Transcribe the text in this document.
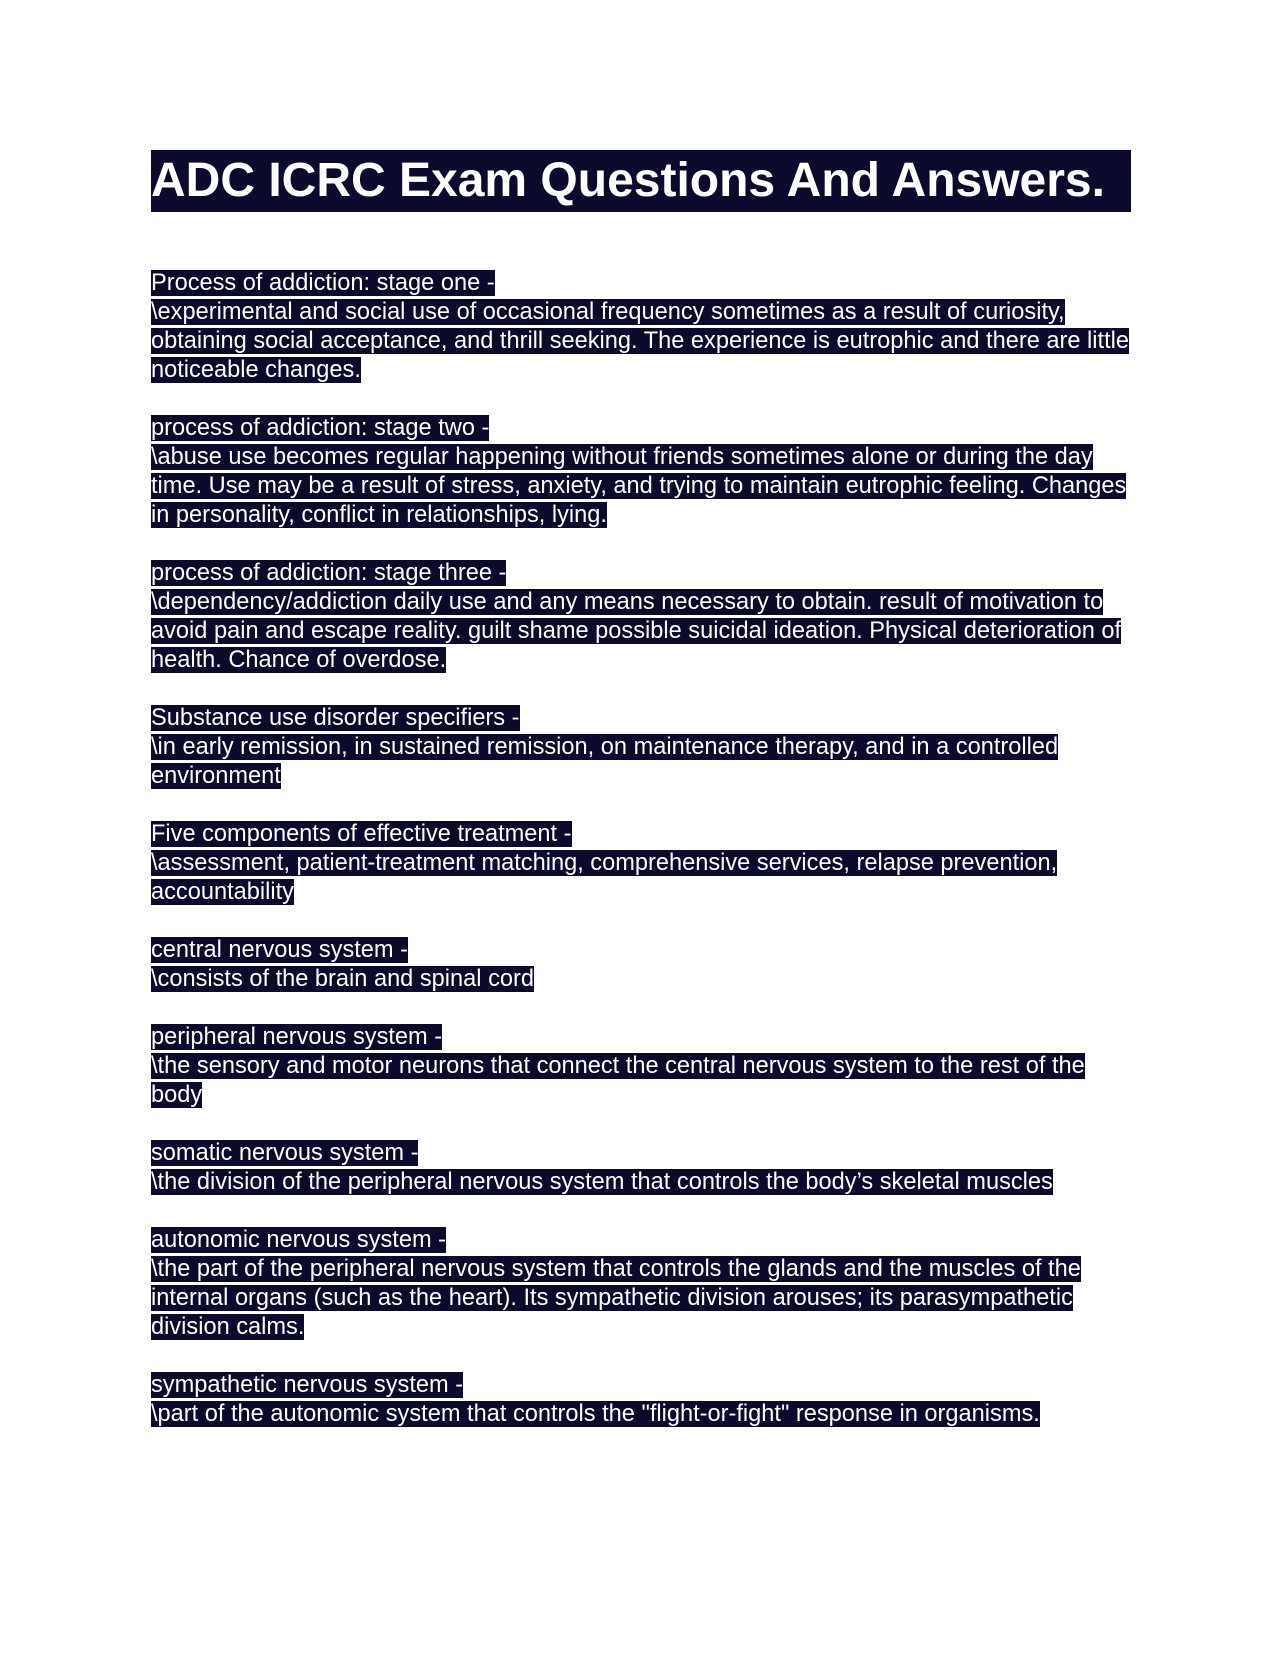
ADC ICRC Exam Questions And Answers.
Process of addiction: stage one -
\experimental and social use of occasional frequency sometimes as a result of curiosity, obtaining social acceptance, and thrill seeking. The experience is eutrophic and there are little noticeable changes.
process of addiction: stage two -
\abuse use becomes regular happening without friends sometimes alone or during the day time. Use may be a result of stress, anxiety, and trying to maintain eutrophic feeling. Changes in personality, conflict in relationships, lying.
process of addiction: stage three -
\dependency/addiction daily use and any means necessary to obtain. result of motivation to avoid pain and escape reality. guilt shame possible suicidal ideation. Physical deterioration of health. Chance of overdose.
Substance use disorder specifiers -
\in early remission, in sustained remission, on maintenance therapy, and in a controlled environment
Five components of effective treatment -
\assessment, patient-treatment matching, comprehensive services, relapse prevention, accountability
central nervous system -
\consists of the brain and spinal cord
peripheral nervous system -
\the sensory and motor neurons that connect the central nervous system to the rest of the body
somatic nervous system -
\the division of the peripheral nervous system that controls the body’s skeletal muscles
autonomic nervous system -
\the part of the peripheral nervous system that controls the glands and the muscles of the internal organs (such as the heart). Its sympathetic division arouses; its parasympathetic division calms.
sympathetic nervous system -
\part of the autonomic system that controls the "flight-or-fight" response in organisms.
